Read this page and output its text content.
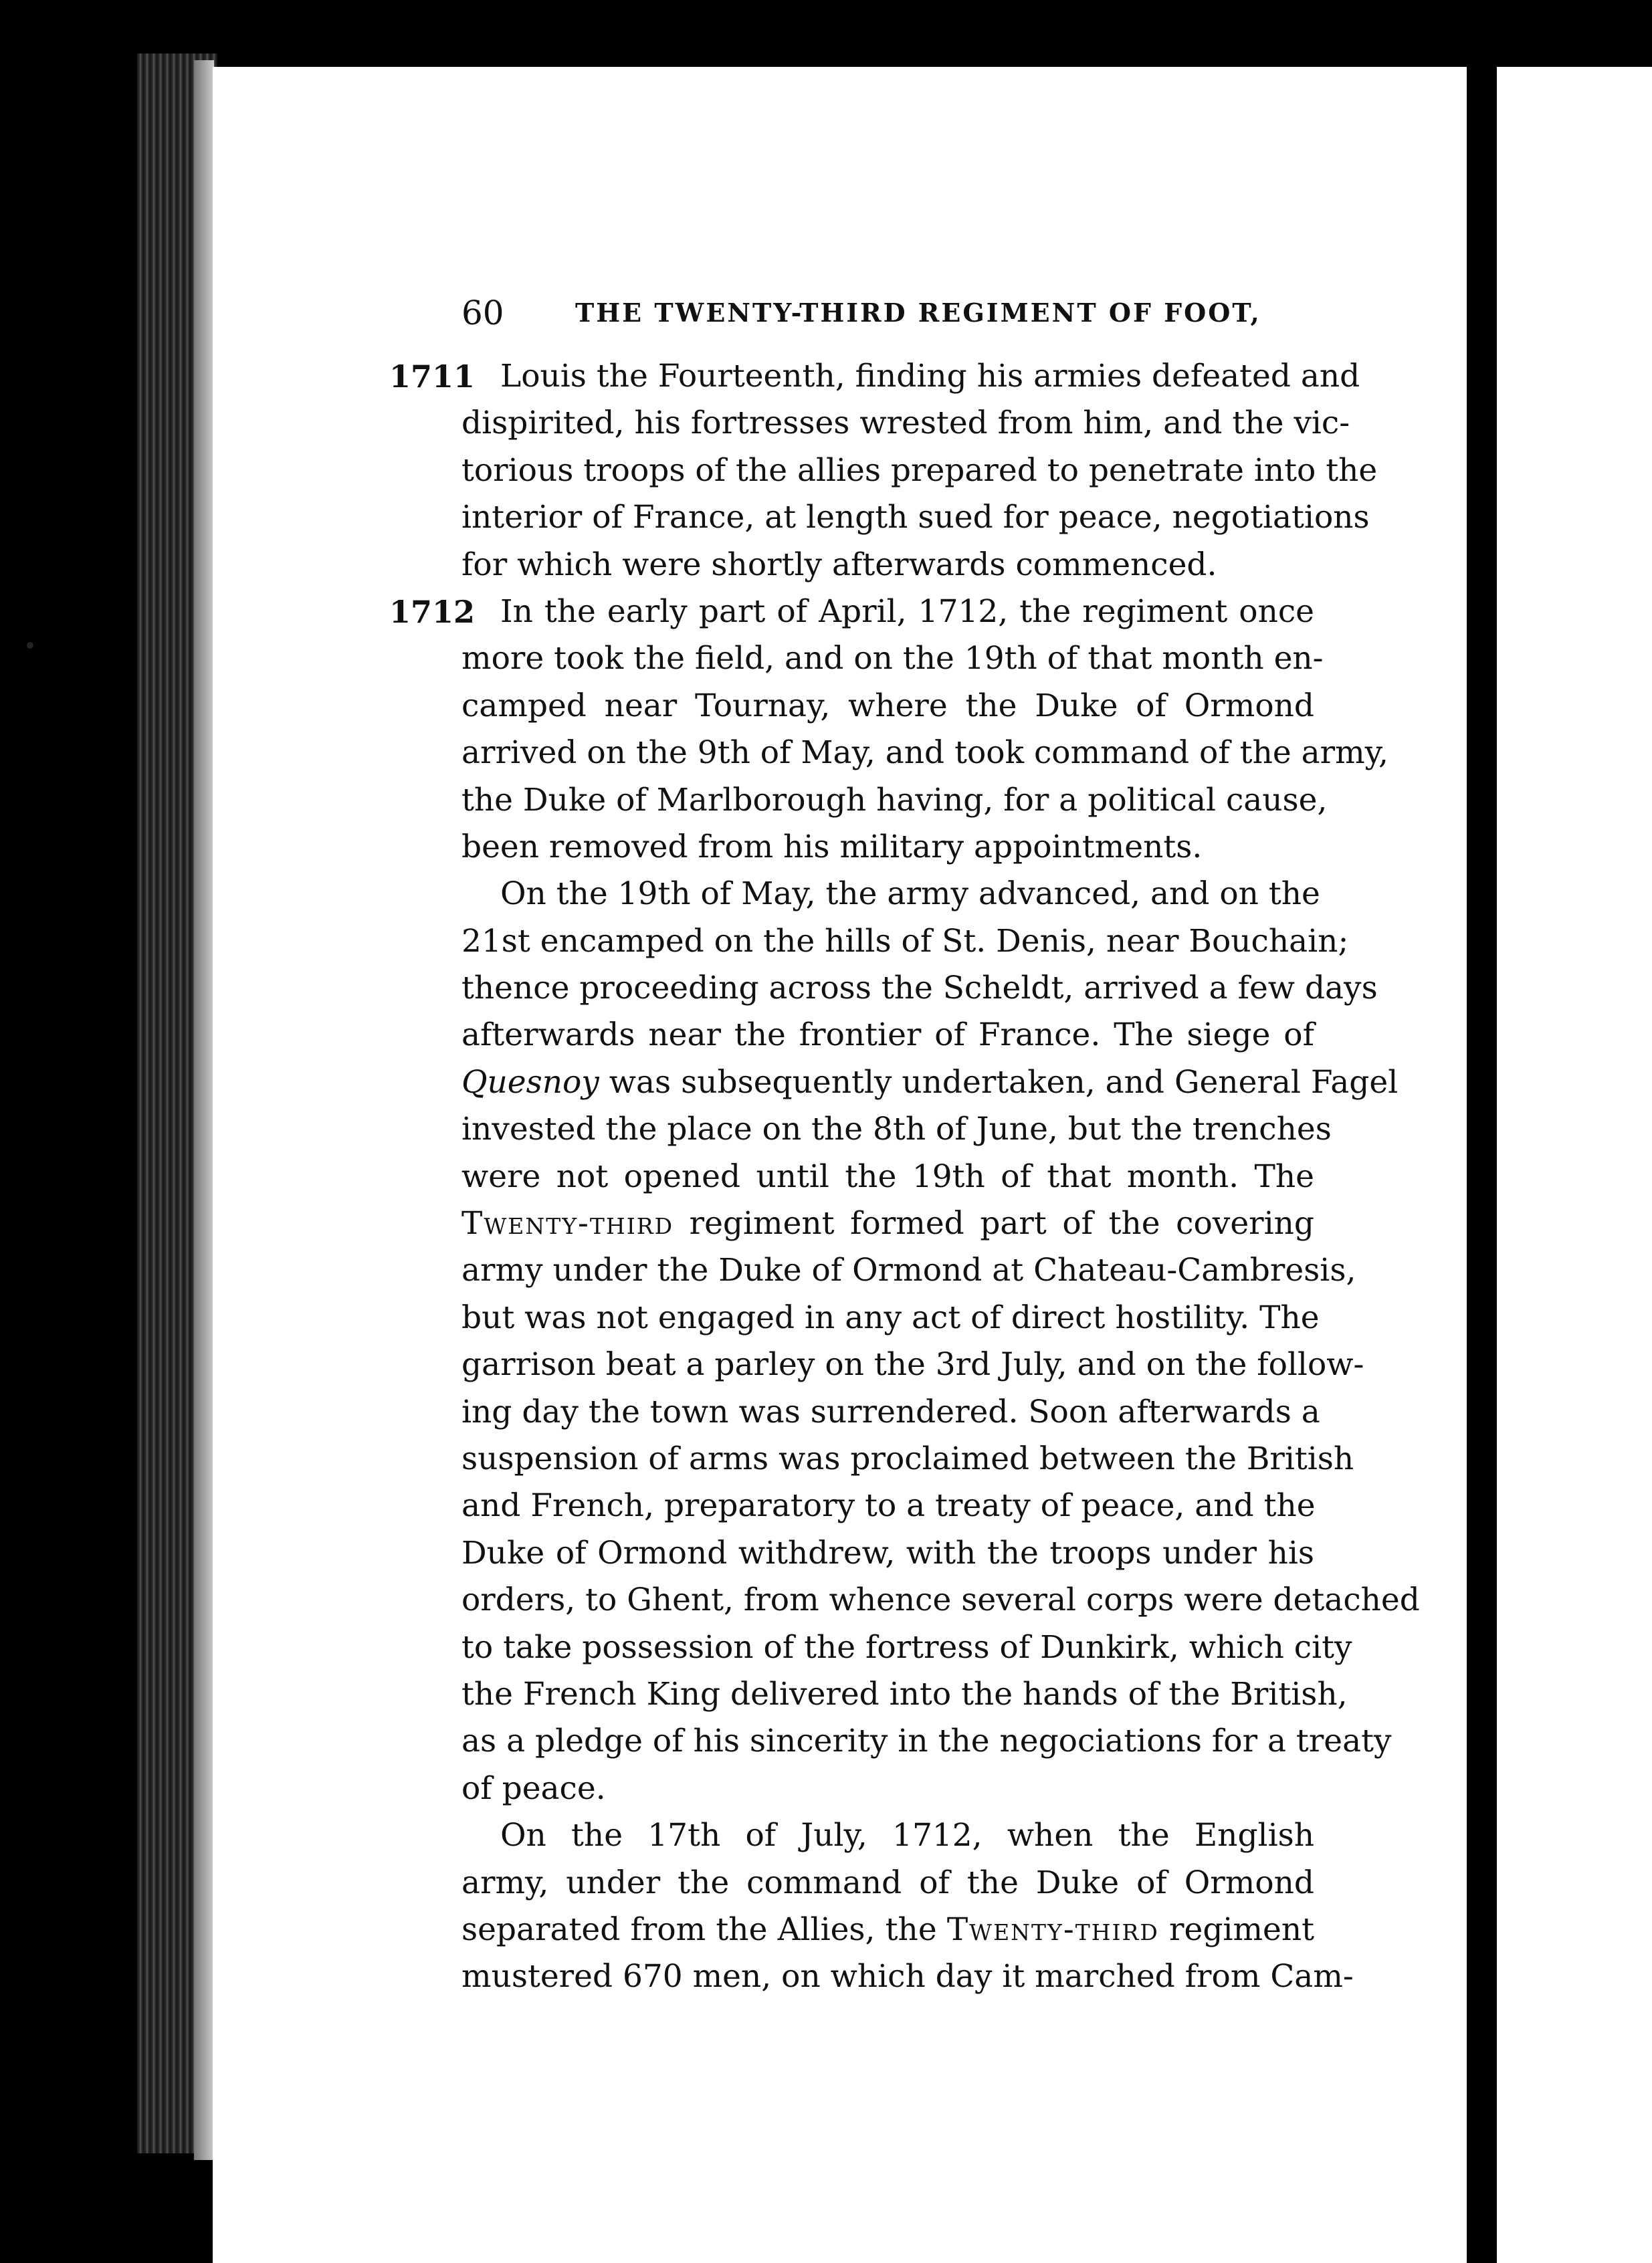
60	THE TWENTY-THIRD REGIMENT OF FOOT,
1711
1712
Louis the Fourteenth, finding his armies defeated and
dispirited, his fortresses wrested from him, and the vic-
torious troops of the allies prepared to penetrate into the
interior of France, at length sued for peace, negotiations
for which were shortly afterwards commenced.
In the early part of April, 1712, the regiment once
more took the field, and on the 19th of that month en-
camped near Tournay, where the Duke of Ormond
arrived on the 9th of May, and took command of the army,
the Duke of Marlborough having, for a political cause,
been removed from his military appointments.
On the 19th of May, the army advanced, and on the
21st encamped on the hills of St. Denis, near Bouchain;
thence proceeding across the Scheldt, arrived a few days
afterwards near the frontier of France. The siege of
Quesnoy was subsequently undertaken, and General Fagel
invested the place on the 8th of June, but the trenches
were not opened until the 19th of that month. The
Twenty-third regiment formed part of the covering
army under the Duke of Ormond at Chateau-Cambresis,
but was not engaged in any act of direct hostility. The
garrison beat a parley on the 3rd July, and on the follow-
ing day the town was surrendered. Soon afterwards a
suspension of arms was proclaimed between the British
and French, preparatory to a treaty of peace, and the
Duke of Ormond withdrew, with the troops under his
orders, to Ghent, from whence several corps were detached
to take possession of the fortress of Dunkirk, which city
the French King delivered into the hands of the British,
as a pledge of his sincerity in the negociations for a treaty
of peace.
On the 17th of July, 1712, when the English
army, under the command of the Duke of Ormond
separated from the Allies, the Twenty-third regiment
mustered 670 men, on which day it marched from Cam-
